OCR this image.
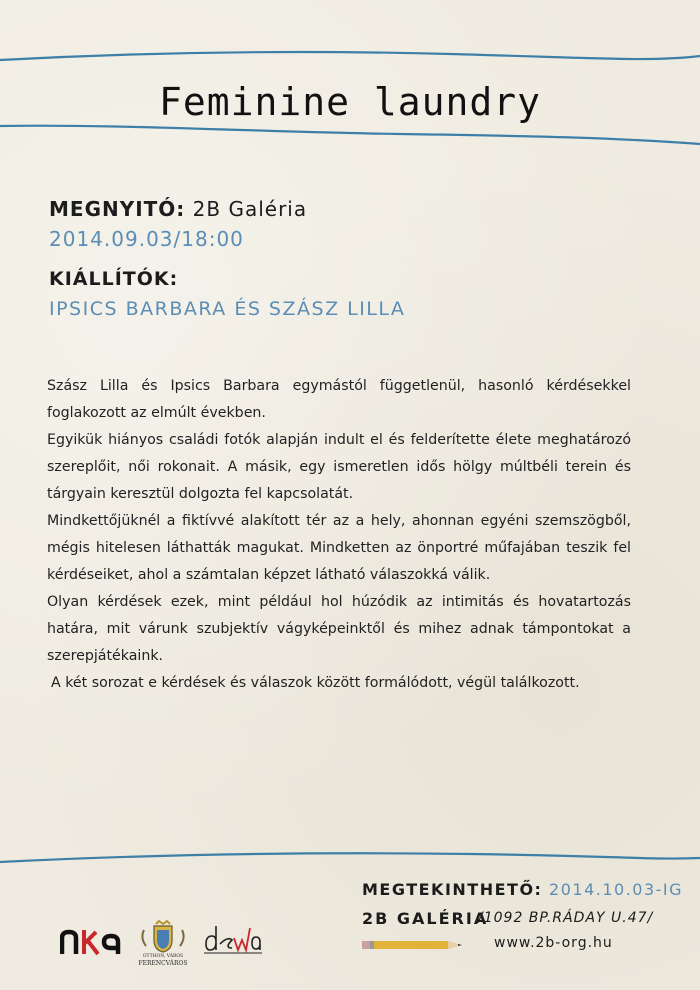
Feminine laundry
MEGNYITÓ: 2B Galéria
2014.09.03/18:00
KIÁLLÍTÓK:
IPSICS BARBARA ÉS SZÁSZ LILLA

Szász Lilla és Ipsics Barbara egymástól függetlenül, hasonló kérdésekkel foglakozott az elmúlt években.

Egyikük hiányos családi fotók alapján indult el és felderítette élete meghatározó szereplőit, női rokonait. A másik, egy ismeretlen idős hölgy múltbéli terein és tárgyain keresztül dolgozta fel kapcsolatát.

Mindkettőjüknél a fiktívvé alakított tér az a hely, ahonnan egyéni szemszögből, mégis hitelesen láthatták magukat. Mindketten az önportré műfajában teszik fel kérdéseiket, ahol a számtalan képzet látható válaszokká válik.

Olyan kérdések ezek, mint például hol húzódik az intimitás és hovatartozás határa, mit várunk szubjektív vágyképeinktől és mihez adnak támpontokat a szerepjátékaink.

A két sorozat e kérdések és válaszok között formálódott, végül találkozott.

OTTHON, VÁROS
FERENCVÁROS
MEGTEKINTHETŐ: 2014.10.03-IG
2B GALÉRIA
/1092 BP.RÁDAY U.47/
www.2b-org.hu
